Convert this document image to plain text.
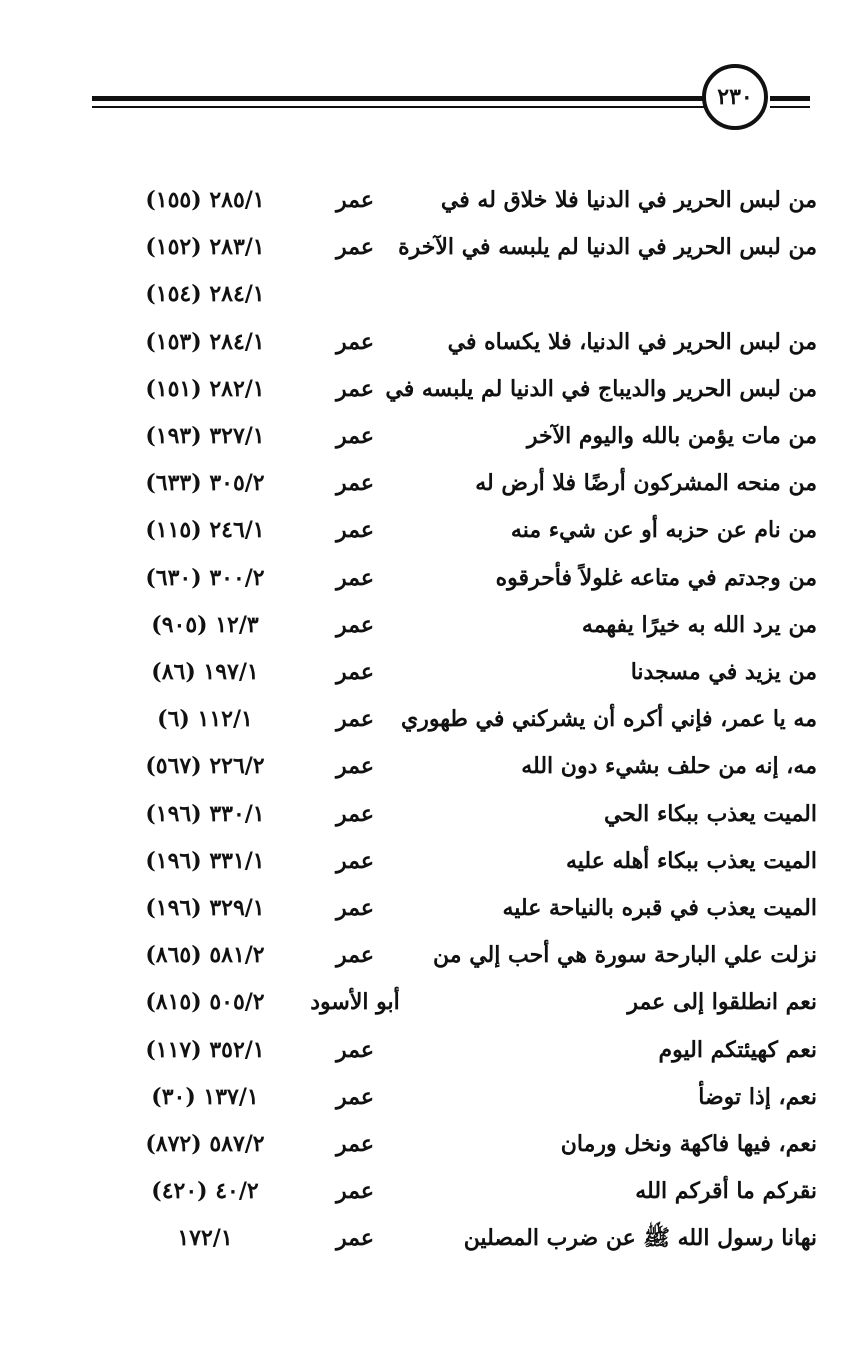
٢٣٠
من لبس الحرير في الدنيا فلا خلاق له في
عمر
٢٨٥/١ (١٥٥)
من لبس الحرير في الدنيا لم يلبسه في الآخرة
عمر
٢٨٣/١ (١٥٢)
٢٨٤/١ (١٥٤)
من لبس الحرير في الدنيا، فلا يكساه في
عمر
٢٨٤/١ (١٥٣)
من لبس الحرير والديباج في الدنيا لم يلبسه في
عمر
٢٨٢/١ (١٥١)
من مات يؤمن بالله واليوم الآخر
عمر
٣٢٧/١ (١٩٣)
من منحه المشركون أرضًا فلا أرض له
عمر
٣٠٥/٢ (٦٣٣)
من نام عن حزبه أو عن شيء منه
عمر
٢٤٦/١ (١١٥)
من وجدتم في متاعه غلولاً فأحرقوه
عمر
٣٠٠/٢ (٦٣٠)
من يرد الله به خيرًا يفهمه
عمر
١٢/٣ (٩٠٥)
من يزيد في مسجدنا
عمر
١٩٧/١ (٨٦)
مه يا عمر، فإني أكره أن يشركني في طهوري
عمر
١١٢/١ (٦)
مه، إنه من حلف بشيء دون الله
عمر
٢٢٦/٢ (٥٦٧)
الميت يعذب ببكاء الحي
عمر
٣٣٠/١ (١٩٦)
الميت يعذب ببكاء أهله عليه
عمر
٣٣١/١ (١٩٦)
الميت يعذب في قبره بالنياحة عليه
عمر
٣٢٩/١ (١٩٦)
نزلت علي البارحة سورة هي أحب إلي من
عمر
٥٨١/٢ (٨٦٥)
نعم انطلقوا إلى عمر
أبو الأسود
٥٠٥/٢ (٨١٥)
نعم كهيئتكم اليوم
عمر
٣٥٢/١ (١١٧)
نعم، إذا توضأ
عمر
١٣٧/١ (٣٠)
نعم، فيها فاكهة ونخل ورمان
عمر
٥٨٧/٢ (٨٧٢)
نقركم ما أقركم الله
عمر
٤٠/٢ (٤٢٠)
نهانا رسول الله ﷺ عن ضرب المصلين
عمر
١٧٢/١
